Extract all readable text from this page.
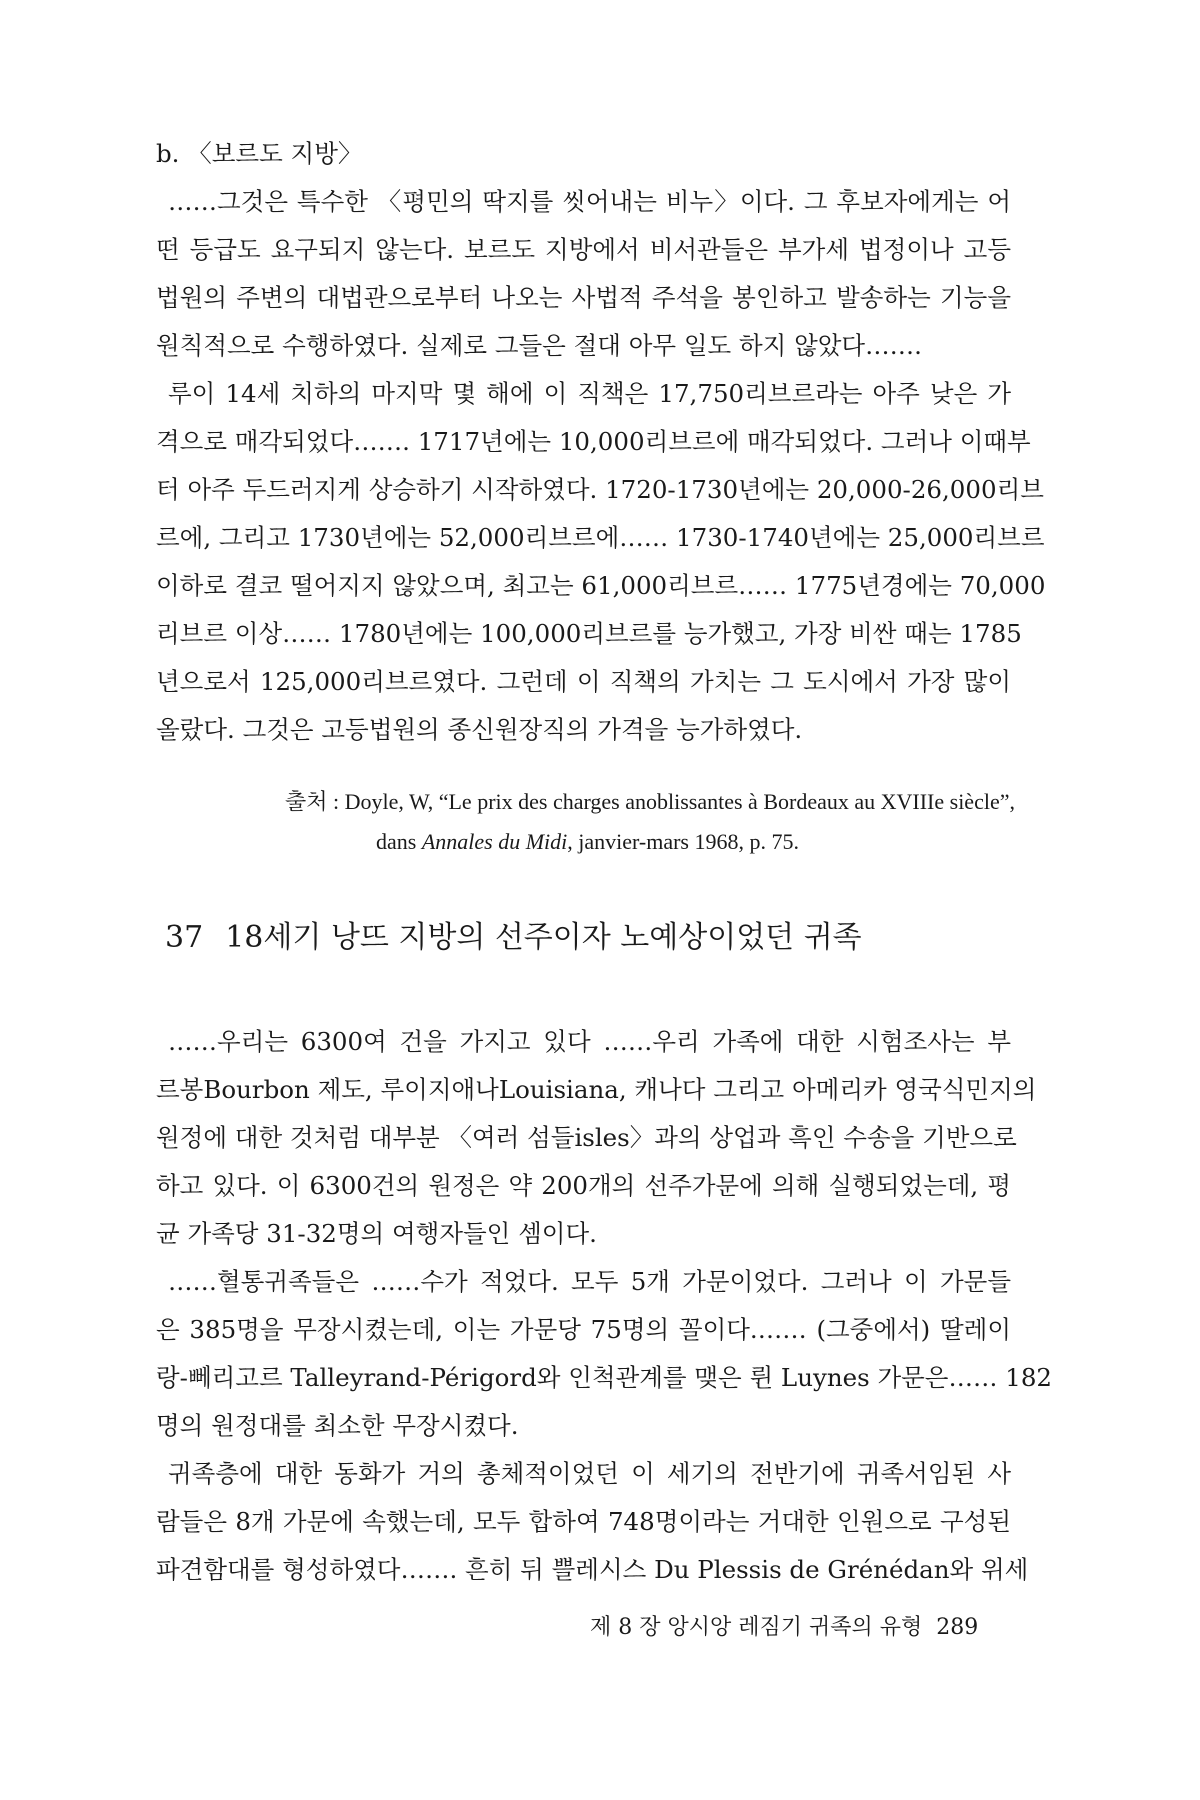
b. 〈보르도 지방〉
……그것은 특수한 〈평민의 딱지를 씻어내는 비누〉이다. 그 후보자에게는 어
떤 등급도 요구되지 않는다. 보르도 지방에서 비서관들은 부가세 법정이나 고등
법원의 주변의 대법관으로부터 나오는 사법적 주석을 봉인하고 발송하는 기능을
원칙적으로 수행하였다. 실제로 그들은 절대 아무 일도 하지 않았다…….
루이 14세 치하의 마지막 몇 해에 이 직책은 17,750리브르라는 아주 낮은 가
격으로 매각되었다……. 1717년에는 10,000리브르에 매각되었다. 그러나 이때부
터 아주 두드러지게 상승하기 시작하였다. 1720-1730년에는 20,000-26,000리브
르에, 그리고 1730년에는 52,000리브르에…… 1730-1740년에는 25,000리브르
이하로 결코 떨어지지 않았으며, 최고는 61,000리브르…… 1775년경에는 70,000
리브르 이상…… 1780년에는 100,000리브르를 능가했고, 가장 비싼 때는 1785
년으로서 125,000리브르였다. 그런데 이 직책의 가치는 그 도시에서 가장 많이
올랐다. 그것은 고등법원의 종신원장직의 가격을 능가하였다.
출처 : Doyle, W, “Le prix des charges anoblissantes à Bordeaux au XVIIIe siècle”,
dans Annales du Midi, janvier-mars 1968, p. 75.
37 18세기 낭뜨 지방의 선주이자 노예상이었던 귀족
……우리는 6300여 건을 가지고 있다 ……우리 가족에 대한 시험조사는 부
르봉Bourbon 제도, 루이지애나Louisiana, 캐나다 그리고 아메리카 영국식민지의
원정에 대한 것처럼 대부분 〈여러 섬들isles〉과의 상업과 흑인 수송을 기반으로
하고 있다. 이 6300건의 원정은 약 200개의 선주가문에 의해 실행되었는데, 평
균 가족당 31-32명의 여행자들인 셈이다.
……혈통귀족들은 ……수가 적었다. 모두 5개 가문이었다. 그러나 이 가문들
은 385명을 무장시켰는데, 이는 가문당 75명의 꼴이다.…… (그중에서) 딸레이
랑-뻬리고르 Talleyrand-Périgord와 인척관계를 맺은 륀 Luynes 가문은…… 182
명의 원정대를 최소한 무장시켰다.
귀족층에 대한 동화가 거의 총체적이었던 이 세기의 전반기에 귀족서임된 사
람들은 8개 가문에 속했는데, 모두 합하여 748명이라는 거대한 인원으로 구성된
파견함대를 형성하였다……. 흔히 뒤 쁠레시스 Du Plessis de Grénédan와 위세
제 8 장 앙시앙 레짐기 귀족의 유형 289
